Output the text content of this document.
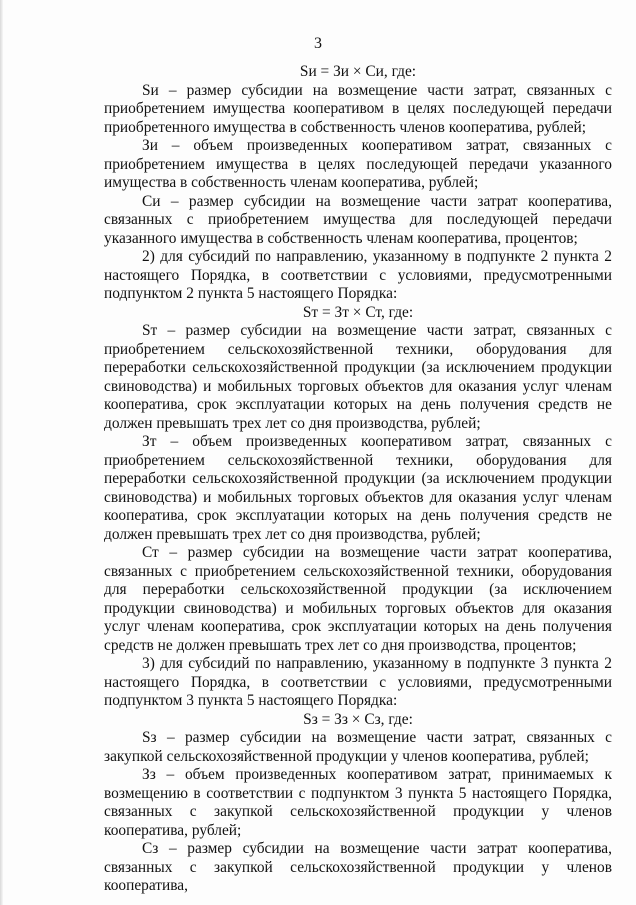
3
Sи = Зи × Си, где:

Sи – размер субсидии на возмещение части затрат, связанных с приобретением имущества кооперативом в целях последующей передачи приобретенного имущества в собственность членов кооператива, рублей;

Зи – объем произведенных кооперативом затрат, связанных с приобретением имущества в целях последующей передачи указанного имущества в собственность членам кооператива, рублей;

Си – размер субсидии на возмещение части затрат кооператива, связанных с приобретением имущества для последующей передачи указанного имущества в собственность членам кооператива, процентов;

2) для субсидий по направлению, указанному в подпункте 2 пункта 2 настоящего Порядка, в соответствии с условиями, предусмотренными подпунктом 2 пункта 5 настоящего Порядка:

Sт = Зт × Ст, где:

Sт – размер субсидии на возмещение части затрат, связанных с приобретением сельскохозяйственной техники, оборудования для переработки сельскохозяйственной продукции (за исключением продукции свиноводства) и мобильных торговых объектов для оказания услуг членам кооператива, срок эксплуатации которых на день получения средств не должен превышать трех лет со дня производства, рублей;

Зт – объем произведенных кооперативом затрат, связанных с приобретением сельскохозяйственной техники, оборудования для переработки сельскохозяйственной продукции (за исключением продукции свиноводства) и мобильных торговых объектов для оказания услуг членам кооператива, срок эксплуатации которых на день получения средств не должен превышать трех лет со дня производства, рублей;

Ст – размер субсидии на возмещение части затрат кооператива, связанных с приобретением сельскохозяйственной техники, оборудования для переработки сельскохозяйственной продукции (за исключением продукции свиноводства) и мобильных торговых объектов для оказания услуг членам кооператива, срок эксплуатации которых на день получения средств не должен превышать трех лет со дня производства, процентов;

3) для субсидий по направлению, указанному в подпункте 3 пункта 2 настоящего Порядка, в соответствии с условиями, предусмотренными подпунктом 3 пункта 5 настоящего Порядка:

Sз = Зз × Сз, где:

Sз – размер субсидии на возмещение части затрат, связанных с закупкой сельскохозяйственной продукции у членов кооператива, рублей;

Зз – объем произведенных кооперативом затрат, принимаемых к возмещению в соответствии с подпунктом 3 пункта 5 настоящего Порядка, связанных с закупкой сельскохозяйственной продукции у членов кооператива, рублей;

Сз – размер субсидии на возмещение части затрат кооператива, связанных с закупкой сельскохозяйственной продукции у членов кооператива,
